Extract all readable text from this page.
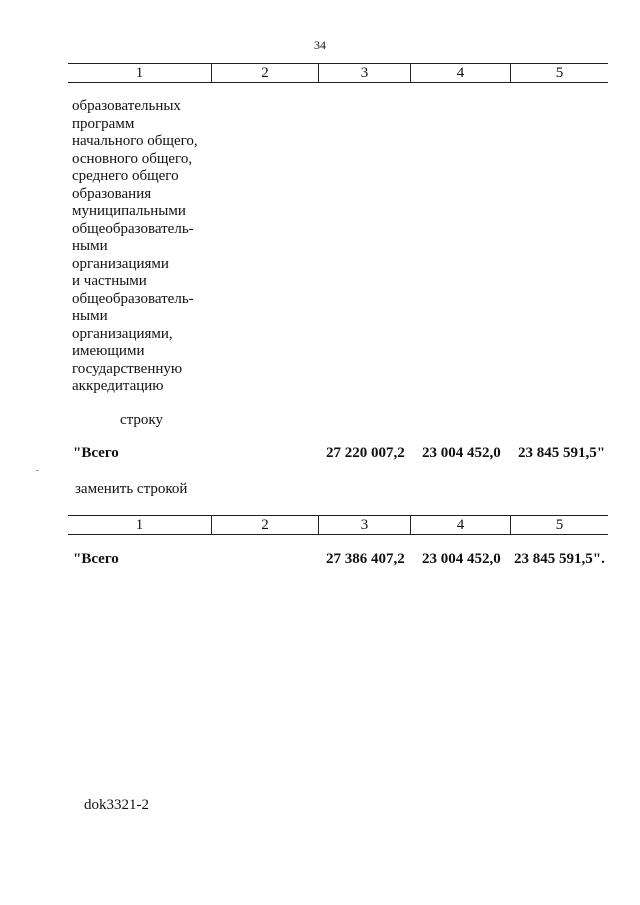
34
1	2	3	4	5
образовательных
программ
начального общего,
основного общего,
среднего общего
образования
муниципальными
общеобразователь-
ными
организациями
и частными
общеобразователь-
ными
организациями,
имеющими
государственную
аккредитацию
строку
"Всего	27 220 007,2 23 004 452,0 23 845 591,5"
заменить строкой
1	2	3	4	5
"Всего	27 386 407,2 23 004 452,0 23 845 591,5".
dok3321-2
